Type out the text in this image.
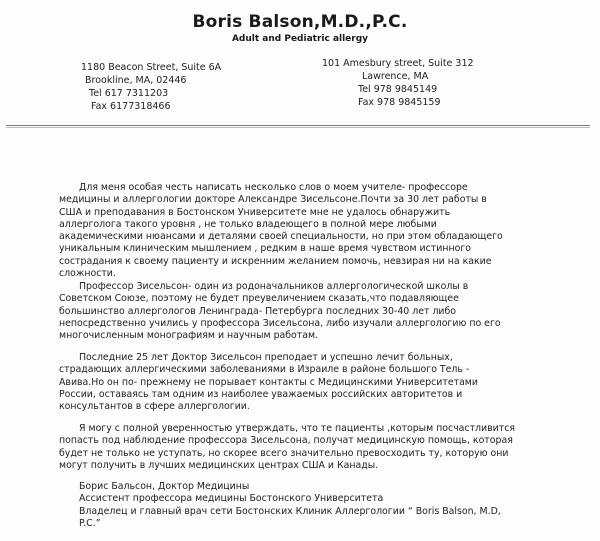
Boris Balson,M.D.,P.C.
Adult and Pediatric allergy
1180 Beacon Street, Suite 6A
Brookline, MA, 02446
Tel 617 7311203
Fax 6177318466
101 Amesbury street, Suite 312
Lawrence, MA
Tel 978 9845149
Fax 978 9845159
Для меня особая честь написать несколько слов о моем учителе- профессоре
медицины и аллергологии докторе Александре Зисельсоне.Почти за 30 лет работы в
США и преподавания в Бостонском Университете мне не удалось обнаружить
аллерголога такого уровня , не только владеющего в полной мере любыми
академическими нюансами и деталями своей специальности, но при этом обладающего
уникальным клиническим мышлением , редким в наше время чувством истинного
сострадания к своему пациенту и искренним желанием помочь, невзирая ни на какие
сложности.
Профессор Зисельсон- один из родоначальников аллергологической школы в
Советском Союзе, поэтому не будет преувеличением сказать,что подавляющее
большинство аллергологов Ленинграда- Петербурга последних 30-40 лет либо
непосредственно учились у профессора Зисельсона, либо изучали аллергологию по его
многочисленным монографиям и научным работам.
Последние 25 лет Доктор Зисельсон преподает и успешно лечит больных,
страдающих аллергическими заболеваниями в Израиле в районе большого Тель -
Авива.Но он по- прежнему не порывает контакты с Медицинскими Университетами
России, оставаясь там одним из наиболее уважаемых российских авторитетов и
консультантов в сфере аллергологии.
Я могу с полной уверенностью утверждать, что те пациенты ,которым посчастливится
попасть под наблюдение профессора Зисельсона, получат медицинскую помощь, которая
будет не только не уступать, но скорее всего значительно превосходить ту, которую они
могут получить в лучших медицинских центрах США и Канады.
Борис Бальсон, Доктор Медицины
Ассистент профессора медицины Бостонского Университета
Владелец и главный врач сети Бостонских Клиник Аллергологии “ Boris Balson, M.D,
P.C.”
